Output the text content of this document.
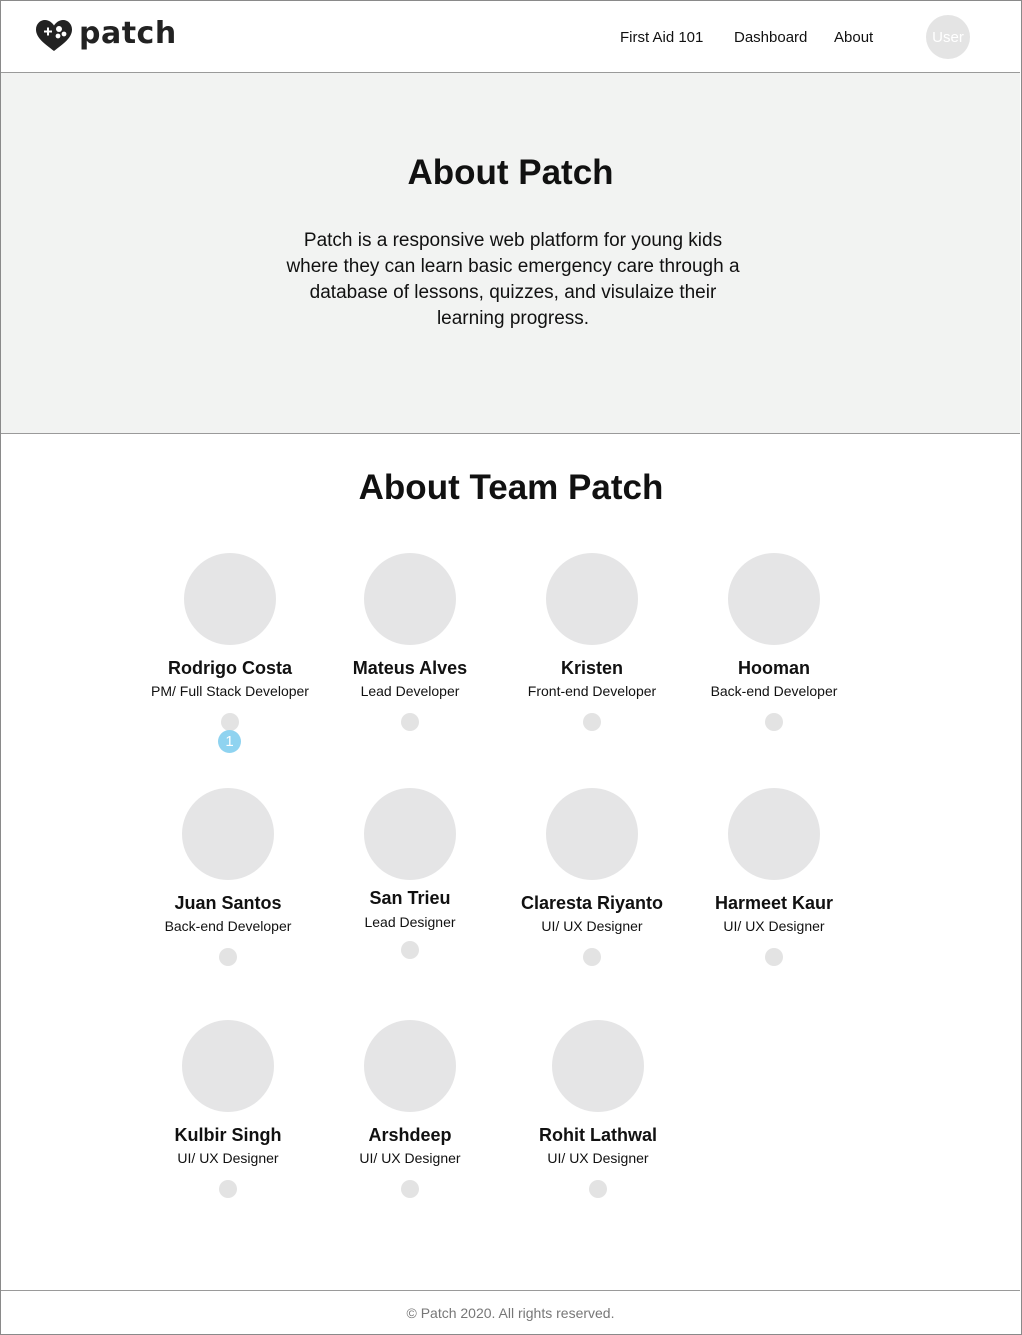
patch	First Aid 101 Dashboard About	User
About Patch

Patch is a responsive web platform for young kids where they can learn basic emergency care through a database of lessons, quizzes, and visulaize their learning progress.

About Team Patch
Rodrigo Costa
PM/ Full Stack Developer
Mateus Alves
Lead Developer
Kristen
Front-end Developer
Hooman
Back-end Developer
Juan Santos
Back-end Developer
San Trieu
Lead Designer
Claresta Riyanto
UI/ UX Designer
Harmeet Kaur
UI/ UX Designer
Kulbir Singh
UI/ UX Designer
Arshdeep
UI/ UX Designer
Rohit Lathwal
UI/ UX Designer
1
© Patch 2020. All rights reserved.
